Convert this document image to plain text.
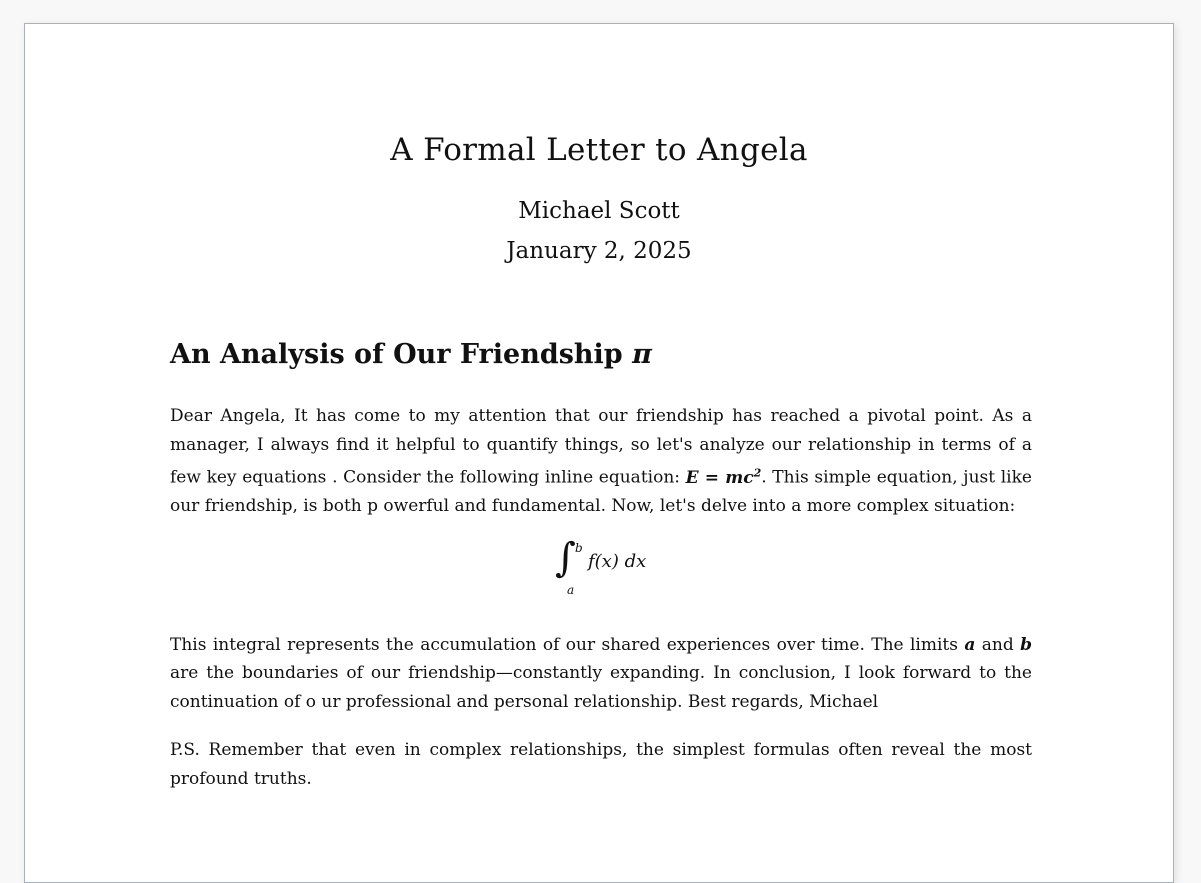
A Formal Letter to Angela
Michael Scott
January 2, 2025
An Analysis of Our Friendship π

Dear Angela, It has come to my attention that our friendship has reached a pivotal point. As a manager, I always find it helpful to quantify things, so let's analyze our relationship in terms of a few key equations . Consider the following inline equation: $E = mc^2$. This simple equation, just like our friendship, is both p owerful and fundamental. Now, let's delve into a more complex situation:

∫ b
a
f(x) dx

This integral represents the accumulation of our shared experiences over time. The limits a and b are the boundaries of our friendship—constantly expanding. In conclusion, I look forward to the continuation of o ur professional and personal relationship. Best regards, Michael

P.S. Remember that even in complex relationships, the simplest formulas often reveal the most profound truths.
